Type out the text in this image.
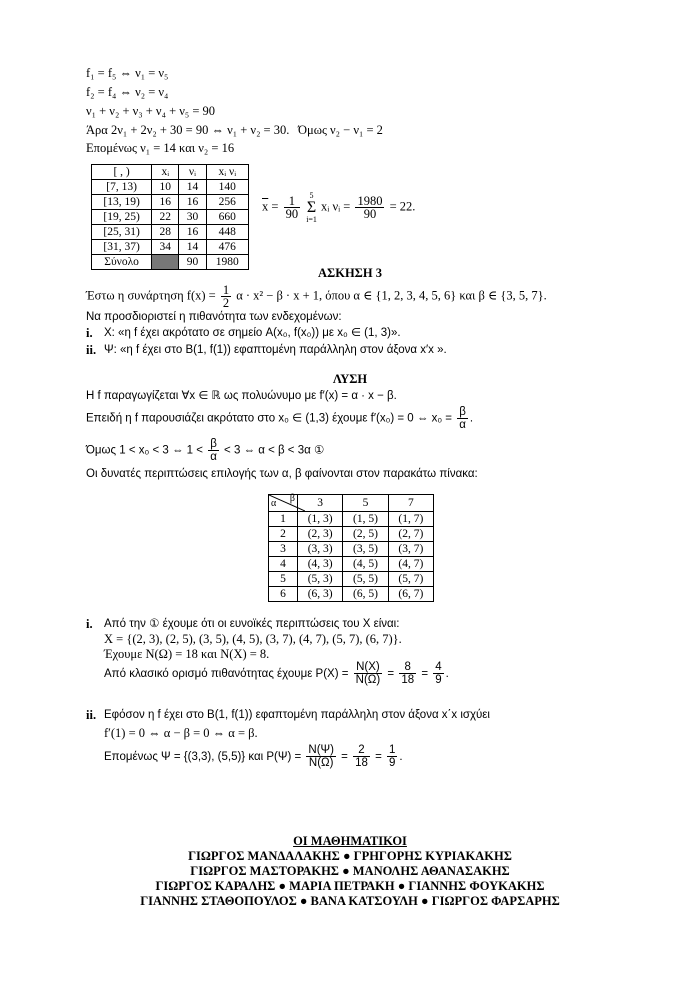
f₁ = f₅ ⇔ ν₁ = ν₅
f₂ = f₄ ⇔ ν₂ = ν₄
ν₁ + ν₂ + ν₃ + ν₄ + ν₅ = 90
Άρα 2ν₁ + 2ν₂ + 30 = 90 ⇔ ν₁ + ν₂ = 30. Όμως ν₂ − ν₁ = 2
Επομένως ν₁ = 14 και ν₂ = 16
[ , )	xᵢ	νᵢ	xᵢ νᵢ
[7, 13)	10	14	140
[13, 19)	16	16	256
[19, 25)	22	30	660
[25, 31)	28	16	448
[31, 37)	34	14	476
Σύνολο		90	1980
$\overline{x} = \frac{1}{90} 5$
Σ
i=1 xᵢ νᵢ = $\frac{1980}{90} = 22$.
ΑΣΚΗΣΗ 3
Έστω η συνάρτηση $f(x) = \frac{1}{2}$ α · x² − β · x + 1, όπου α ∈ {1, 2, 3, 4, 5, 6} και β ∈ {3, 5, 7}.
Να προσδιοριστεί η πιθανότητα των ενδεχομένων:
i. X: «η f έχει ακρότατο σε σημείο A(x₀, f(x₀)) με x₀ ∈ (1, 3)».
ii. Ψ: «η f έχει στο B(1, f(1)) εφαπτομένη παράλληλη στον άξονα x′x ».
ΛΥΣΗ
Η f παραγωγίζεται ∀x ∈ ℝ ως πολυώνυμο με f′(x) = α · x − β.
Επειδή η f παρουσιάζει ακρότατο στο x₀ ∈ (1,3) έχουμε f′(x₀) = 0 ⇔ $x_0 = \frac{\beta}{\alpha}$ .
Όμως 1 < x₀ < 3 ⇔ $1 < \frac{\beta}{\alpha} < 3$ ⇔ α < β < 3α ①
Οι δυνατές περιπτώσεις επιλογής των α, β φαίνονται στον παρακάτω πίνακα:
α β	3	5	7
1	(1, 3)	(1, 5)	(1, 7)
2	(2, 3)	(2, 5)	(2, 7)
3	(3, 3)	(3, 5)	(3, 7)
4	(4, 3)	(4, 5)	(4, 7)
5	(5, 3)	(5, 5)	(5, 7)
6	(6, 3)	(6, 5)	(6, 7)
i. Από την ① έχουμε ότι οι ευνοϊκές περιπτώσεις του X είναι:
X = {(2, 3), (2, 5), (3, 5), (4, 5), (3, 7), (4, 7), (5, 7), (6, 7)}.
Έχουμε N(Ω) = 18 και N(X) = 8.
Από κλασικό ορισμό πιθανότητας έχουμε $P(X) = \frac{N(X)}{N(\Omega)} = \frac{8}{18} = \frac{4}{9}$ .
ii. Εφόσον η f έχει στο B(1, f(1)) εφαπτομένη παράλληλη στον άξονα x΄x ισχύει
f′(1) = 0 ⇔ α − β = 0 ⇔ α = β.
Επομένως Ψ = {(3,3), (5,5)} και $P(\Psi) = \frac{N(\Psi)}{N(\Omega)} = \frac{2}{18} = \frac{1}{9}$ .
ΟΙ ΜΑΘΗΜΑΤΙΚΟΙ
ΓΙΩΡΓΟΣ ΜΑΝΔΑΛΑΚΗΣ ● ΓΡΗΓΟΡΗΣ ΚΥΡΙΑΚΑΚΗΣ
ΓΙΩΡΓΟΣ ΜΑΣΤΟΡΑΚΗΣ ● ΜΑΝΟΛΗΣ ΑΘΑΝΑΣΑΚΗΣ
ΓΙΩΡΓΟΣ ΚΑΡΑΛΗΣ ● ΜΑΡΙΑ ΠΕΤΡΑΚΗ ● ΓΙΑΝΝΗΣ ΦΟΥΚΑΚΗΣ
ΓΙΑΝΝΗΣ ΣΤΑΘΟΠΟΥΛΟΣ ● ΒΑΝΑ ΚΑΤΣΟΥΛΗ ● ΓΙΩΡΓΟΣ ΦΑΡΣΑΡΗΣ
